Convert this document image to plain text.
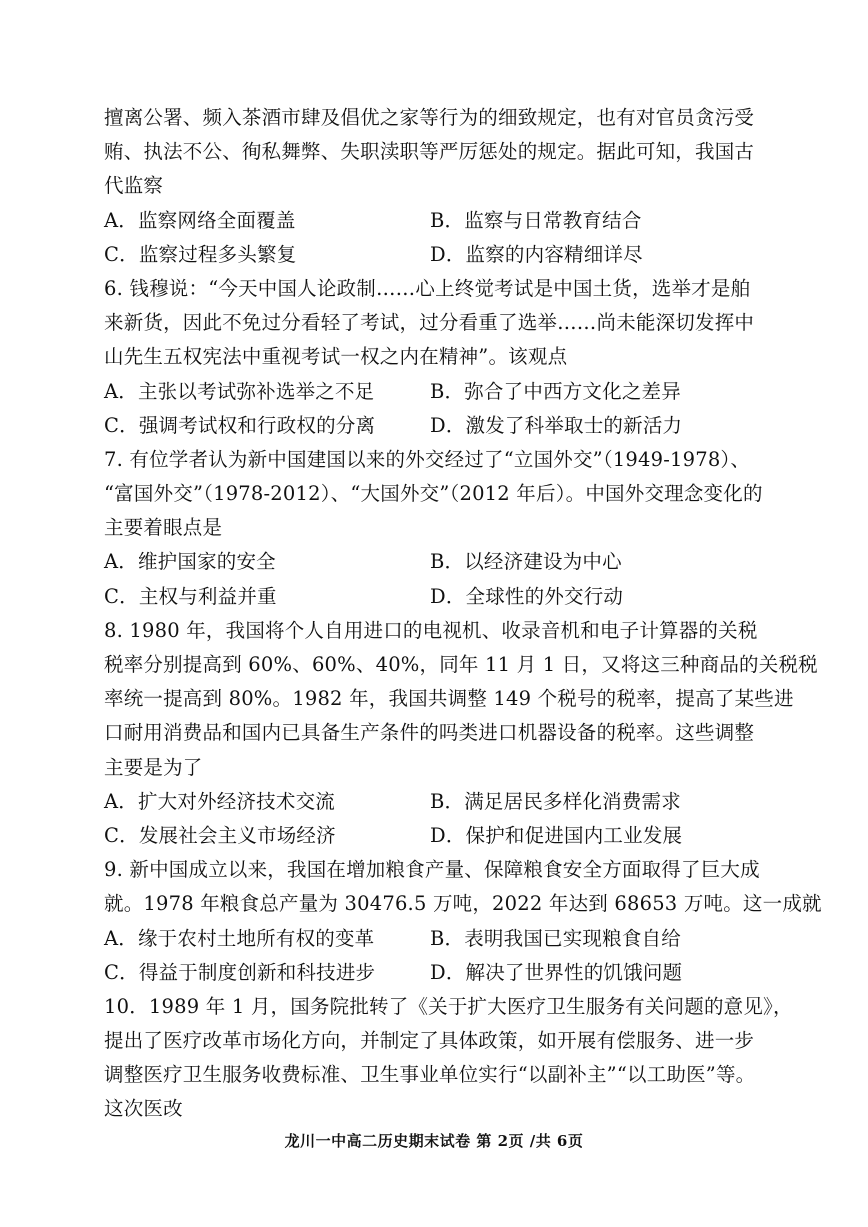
擅离公署、频入茶酒市肆及倡优之家等行为的细致规定，也有对官员贪污受
贿、执法不公、徇私舞弊、失职渎职等严厉惩处的规定。据此可知，我国古
代监察
A．监察网络全面覆盖	B．监察与日常教育结合
C．监察过程多头繁复	D．监察的内容精细详尽
6. 钱穆说：“今天中国人论政制……心上终觉考试是中国土货，选举才是舶
来新货，因此不免过分看轻了考试，过分看重了选举……尚未能深切发挥中
山先生五权宪法中重视考试一权之内在精神”。该观点
A．主张以考试弥补选举之不足	B．弥合了中西方文化之差异
C．强调考试权和行政权的分离	D．激发了科举取士的新活力
7. 有位学者认为新中国建国以来的外交经过了“立国外交”（1949-1978）、
“富国外交”（1978-2012）、“大国外交”（2012 年后）。中国外交理念变化的
主要着眼点是
A．维护国家的安全	B．以经济建设为中心
C．主权与利益并重	D．全球性的外交行动
8. 1980 年，我国将个人自用进口的电视机、收录音机和电子计算器的关税
税率分别提高到 60%、60%、40%，同年 11 月 1 日，又将这三种商品的关税税
率统一提高到 80%。1982 年，我国共调整 149 个税号的税率，提高了某些进
口耐用消费品和国内已具备生产条件的吗类进口机器设备的税率。这些调整
主要是为了
A．扩大对外经济技术交流	B．满足居民多样化消费需求
C．发展社会主义市场经济	D．保护和促进国内工业发展
9. 新中国成立以来，我国在增加粮食产量、保障粮食安全方面取得了巨大成
就。1978 年粮食总产量为 30476.5 万吨，2022 年达到 68653 万吨。这一成就
A．缘于农村土地所有权的变革	B．表明我国已实现粮食自给
C．得益于制度创新和科技进步	D．解决了世界性的饥饿问题
10．1989 年 1 月，国务院批转了《关于扩大医疗卫生服务有关问题的意见》，
提出了医疗改革市场化方向，并制定了具体政策，如开展有偿服务、进一步
调整医疗卫生服务收费标准、卫生事业单位实行“以副补主”“以工助医”等。
这次医改
龙川一中高二历史期末试卷 第 2页 /共 6页
